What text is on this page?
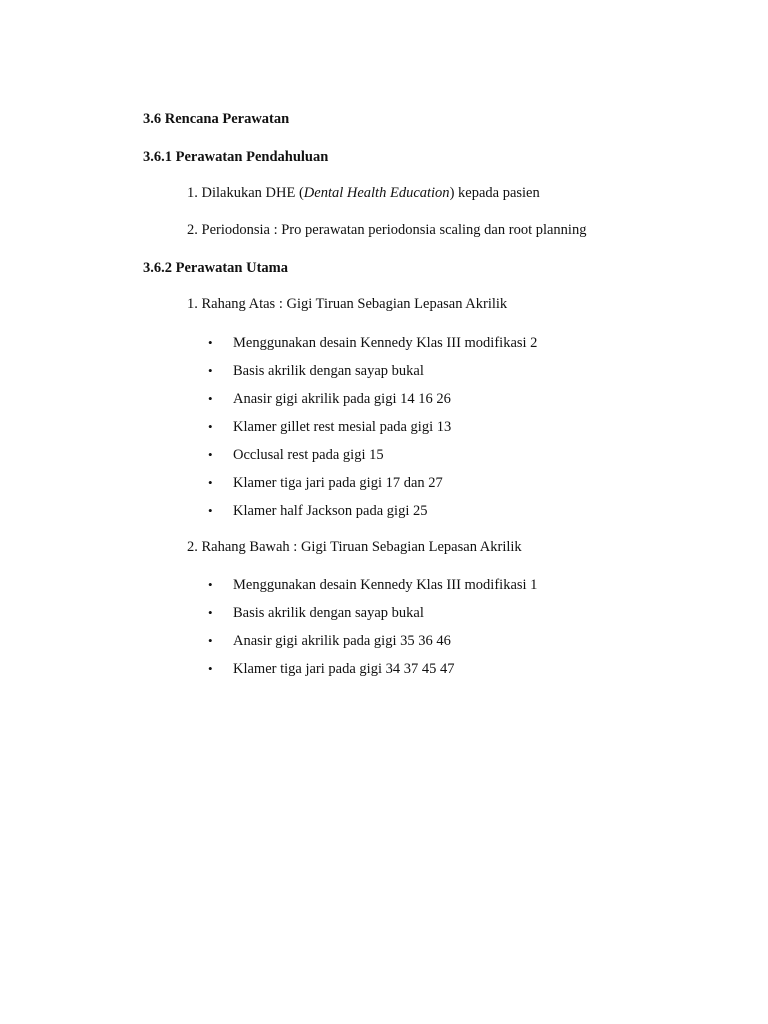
3.6 Rencana Perawatan
3.6.1 Perawatan Pendahuluan
1. Dilakukan DHE (Dental Health Education) kepada pasien
2. Periodonsia : Pro perawatan periodonsia scaling dan root planning
3.6.2 Perawatan Utama
1. Rahang Atas : Gigi Tiruan Sebagian Lepasan Akrilik
• Menggunakan desain Kennedy Klas III modifikasi 2
• Basis akrilik dengan sayap bukal
• Anasir gigi akrilik pada gigi 14 16 26
• Klamer gillet rest mesial pada gigi 13
• Occlusal rest pada gigi 15
• Klamer tiga jari pada gigi 17 dan 27
• Klamer half Jackson pada gigi 25
2. Rahang Bawah : Gigi Tiruan Sebagian Lepasan Akrilik
• Menggunakan desain Kennedy Klas III modifikasi 1
• Basis akrilik dengan sayap bukal
• Anasir gigi akrilik pada gigi 35 36 46
• Klamer tiga jari pada gigi 34 37 45 47
